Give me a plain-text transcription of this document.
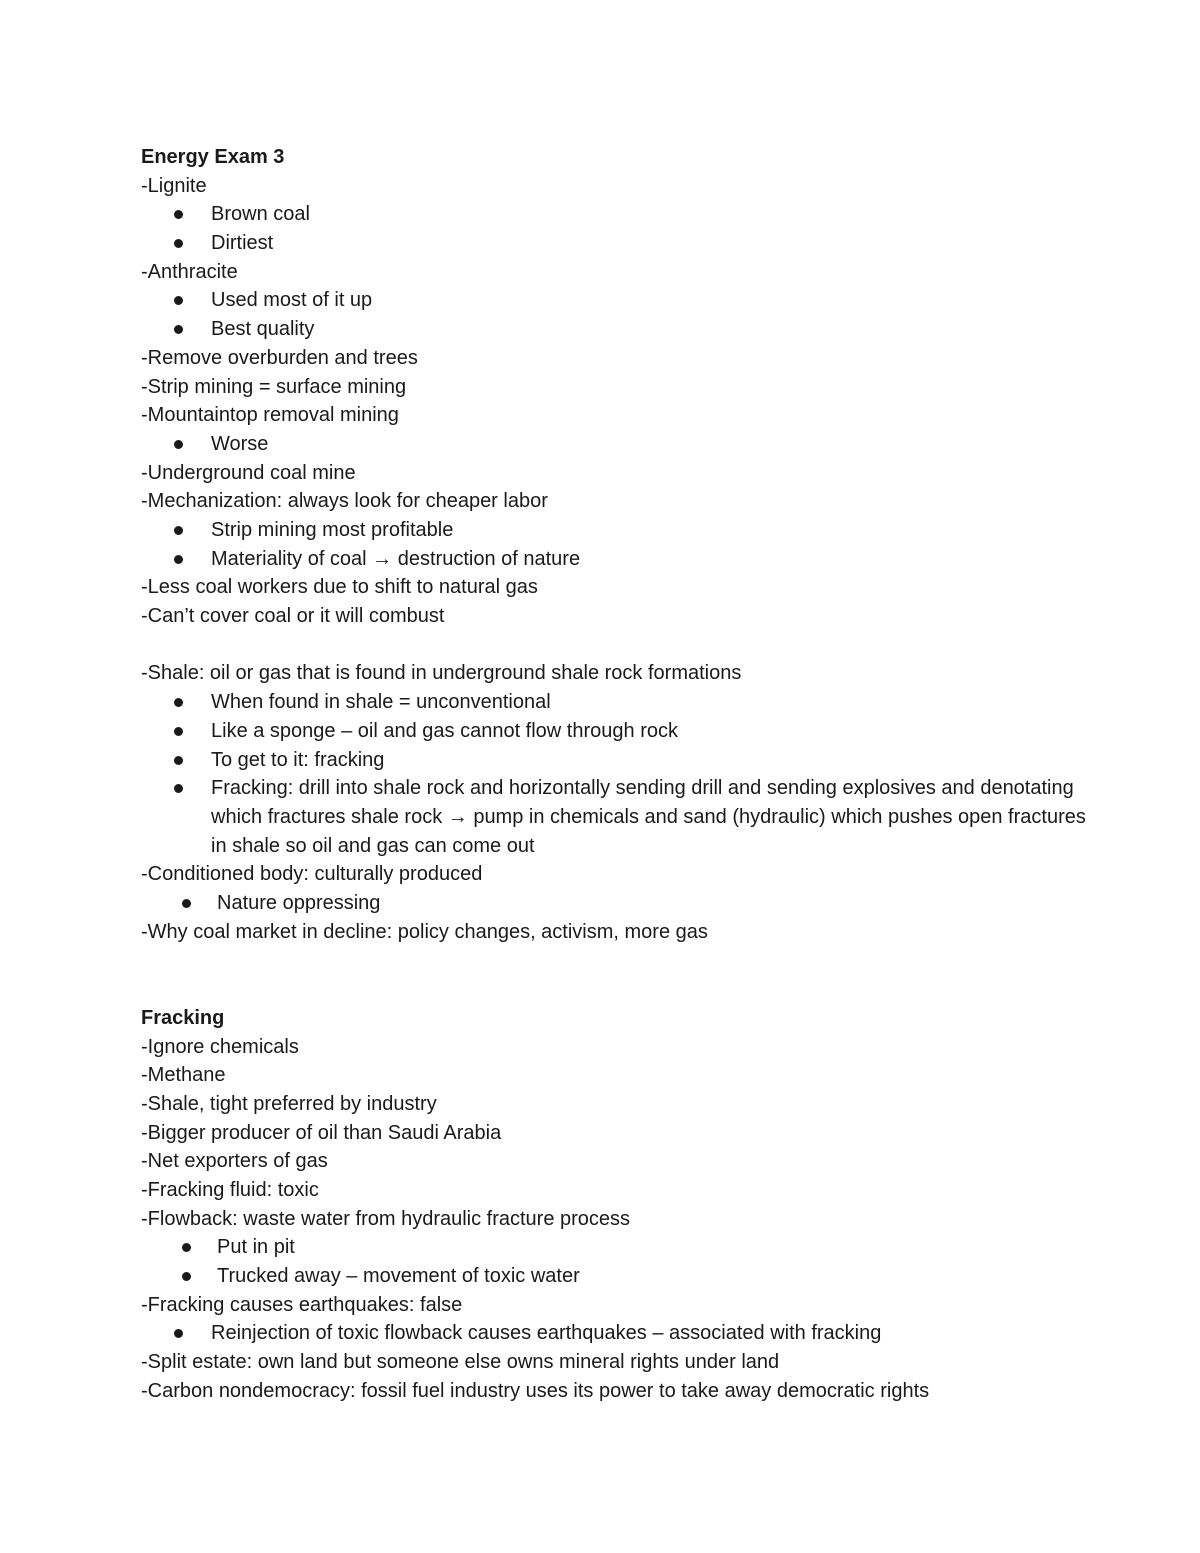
Energy Exam 3
-Lignite
Brown coal
Dirtiest
-Anthracite
Used most of it up
Best quality
-Remove overburden and trees
-Strip mining = surface mining
-Mountaintop removal mining
Worse
-Underground coal mine
-Mechanization: always look for cheaper labor
Strip mining most profitable
Materiality of coal → destruction of nature
-Less coal workers due to shift to natural gas
-Can’t cover coal or it will combust
-Shale: oil or gas that is found in underground shale rock formations
When found in shale = unconventional
Like a sponge – oil and gas cannot flow through rock
To get to it: fracking
Fracking: drill into shale rock and horizontally sending drill and sending explosives and denotating which fractures shale rock → pump in chemicals and sand (hydraulic) which pushes open fractures in shale so oil and gas can come out
-Conditioned body: culturally produced
Nature oppressing
-Why coal market in decline: policy changes, activism, more gas
Fracking
-Ignore chemicals
-Methane
-Shale, tight preferred by industry
-Bigger producer of oil than Saudi Arabia
-Net exporters of gas
-Fracking fluid: toxic
-Flowback: waste water from hydraulic fracture process
Put in pit
Trucked away – movement of toxic water
-Fracking causes earthquakes: false
Reinjection of toxic flowback causes earthquakes – associated with fracking
-Split estate: own land but someone else owns mineral rights under land
-Carbon nondemocracy: fossil fuel industry uses its power to take away democratic rights
